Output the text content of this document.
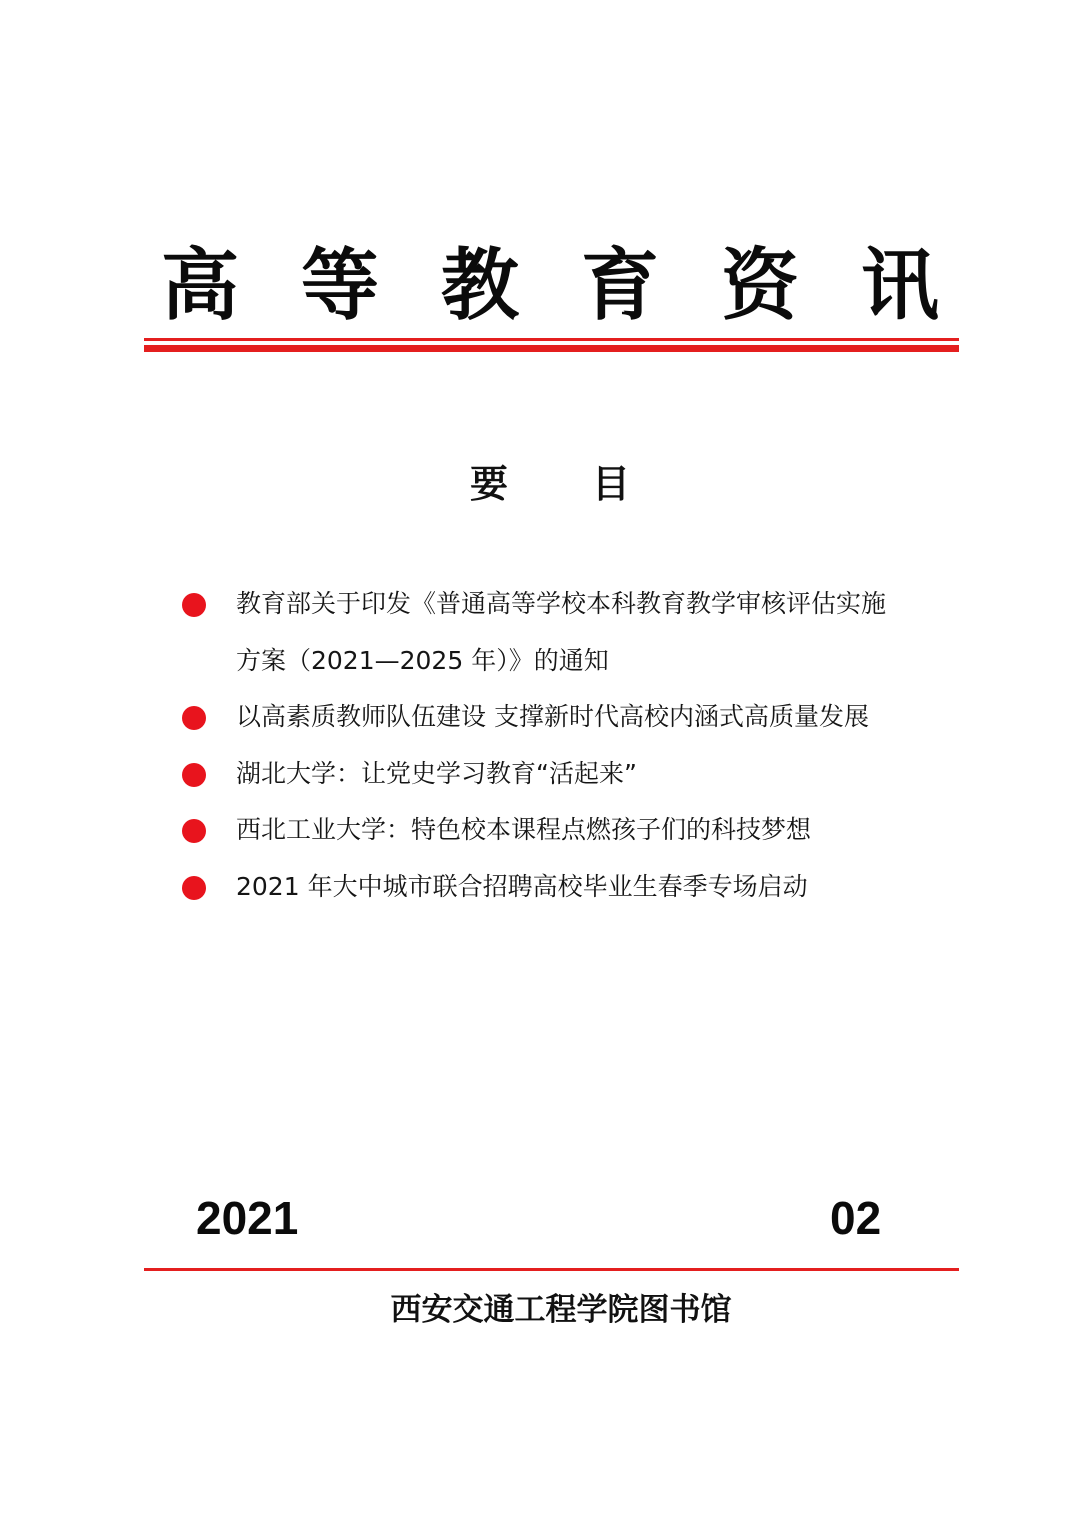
高 等 教 育 资 讯
要 目
教育部关于印发《普通高等学校本科教育教学审核评估实施
方案（2021—2025 年）》的通知
以高素质教师队伍建设 支撑新时代高校内涵式高质量发展
湖北大学：让党史学习教育“活起来”
西北工业大学：特色校本课程点燃孩子们的科技梦想
2021 年大中城市联合招聘高校毕业生春季专场启动
2021	02
西安交通工程学院图书馆
